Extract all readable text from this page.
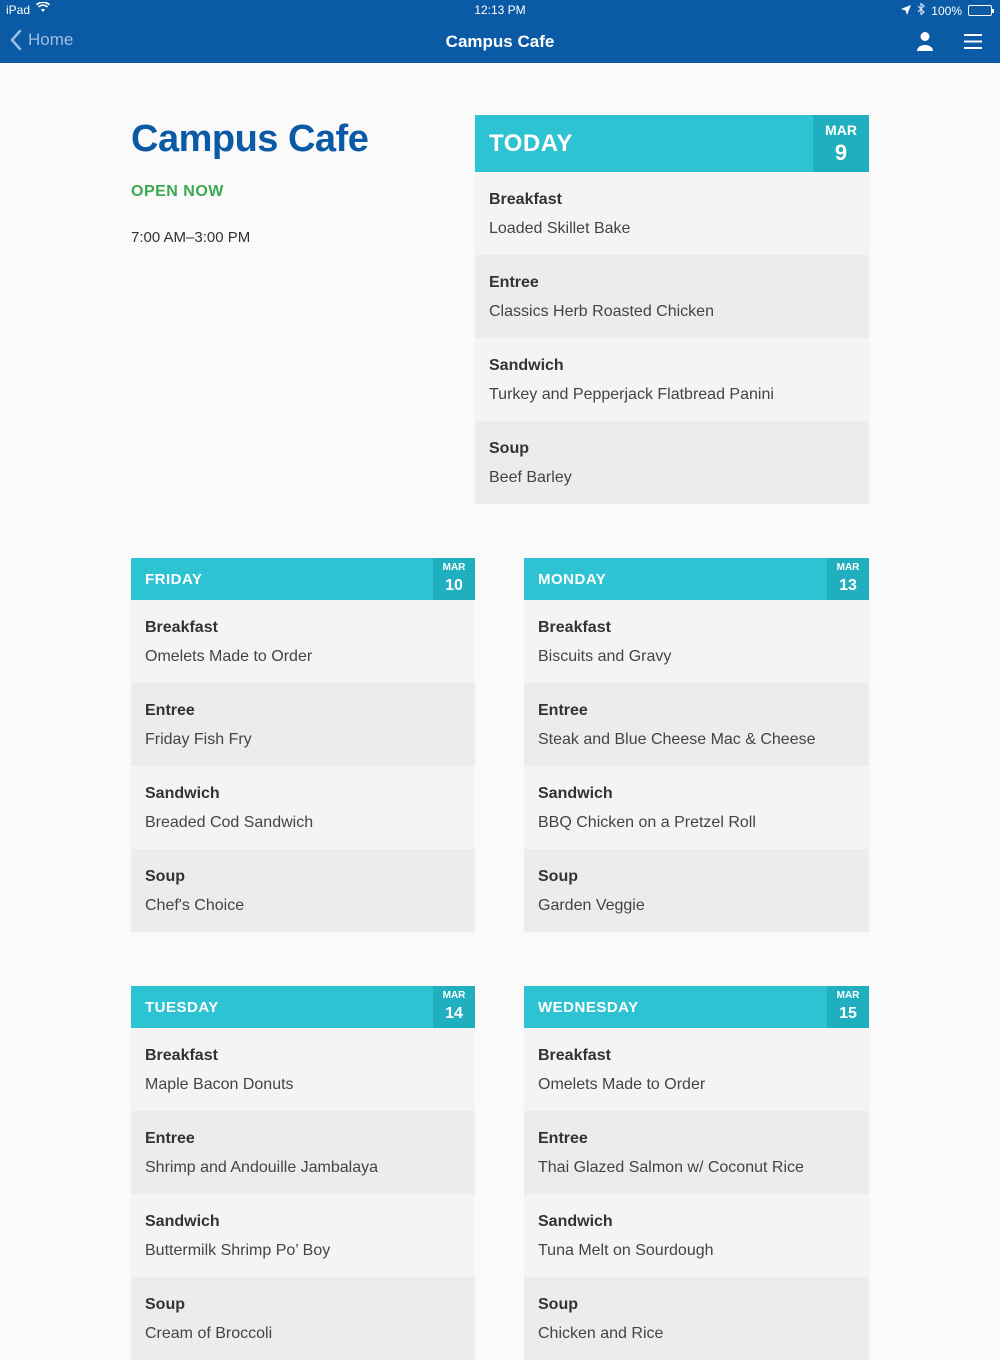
iPad	12:13 PM	100%
Home	Campus Cafe
Campus Cafe
OPEN NOW
7:00 AM–3:00 PM
TODAY	MAR
9
Breakfast
Loaded Skillet Bake
Entree
Classics Herb Roasted Chicken
Sandwich
Turkey and Pepperjack Flatbread Panini
Soup
Beef Barley
FRIDAY
MAR
10
Breakfast
Omelets Made to Order
Entree
Friday Fish Fry
Sandwich
Breaded Cod Sandwich
Soup
Chef's Choice
MONDAY
MAR
13
Breakfast
Biscuits and Gravy
Entree
Steak and Blue Cheese Mac & Cheese
Sandwich
BBQ Chicken on a Pretzel Roll
Soup
Garden Veggie
TUESDAY
MAR
14
Breakfast
Maple Bacon Donuts
Entree
Shrimp and Andouille Jambalaya
Sandwich
Buttermilk Shrimp Po’ Boy
Soup
Cream of Broccoli
WEDNESDAY
MAR
15
Breakfast
Omelets Made to Order
Entree
Thai Glazed Salmon w/ Coconut Rice
Sandwich
Tuna Melt on Sourdough
Soup
Chicken and Rice
